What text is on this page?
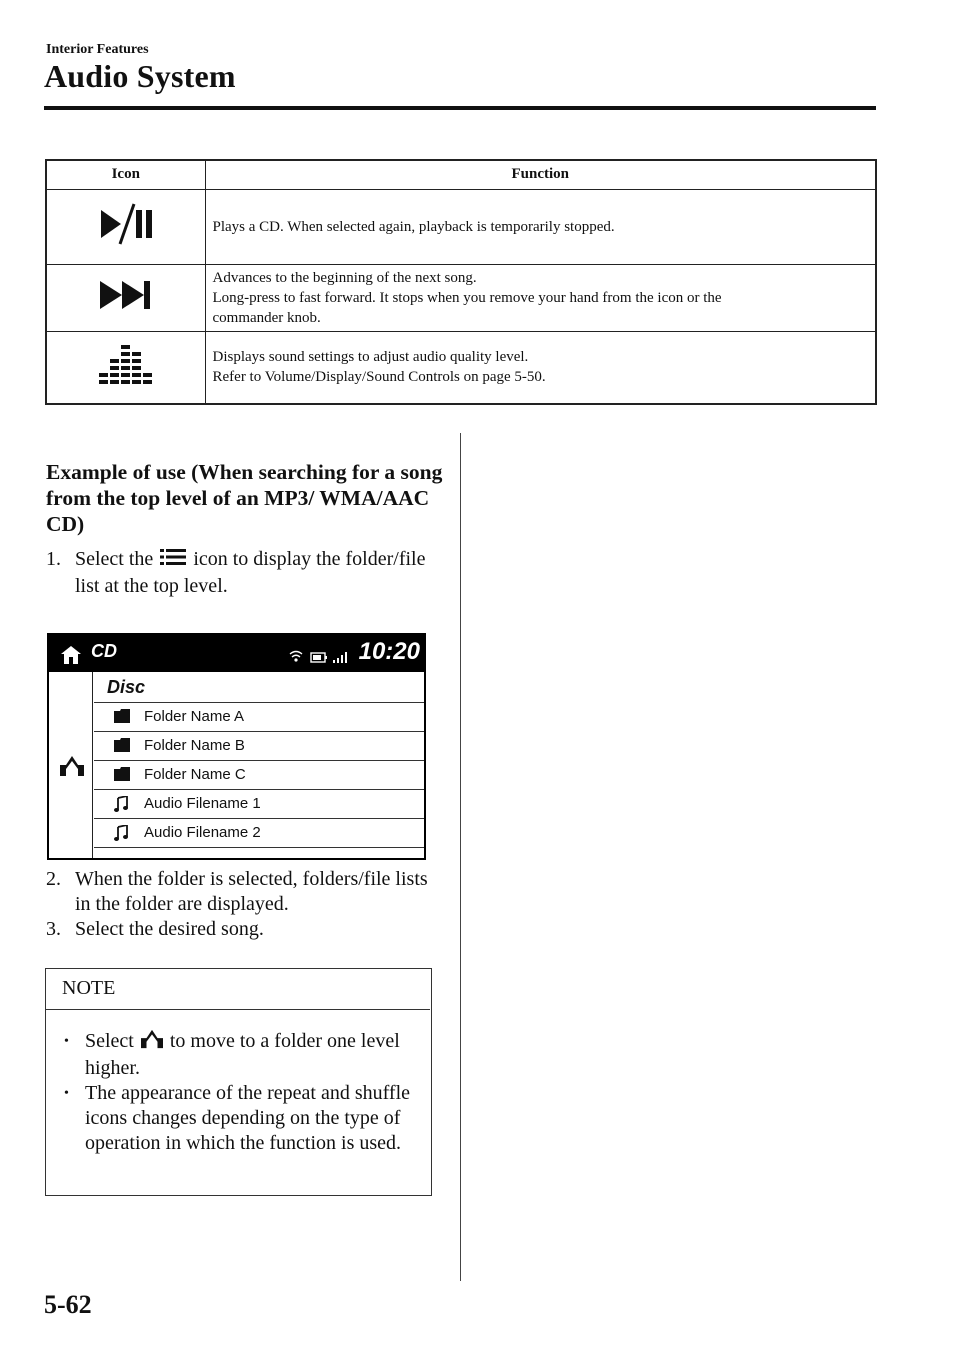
Interior Features
Audio System
Icon	Function

Plays a CD. When selected again, playback is temporarily stopped.

Advances to the beginning of the next song.
Long-press to fast forward. It stops when you remove your hand from the icon or the
commander knob.

Displays sound settings to adjust audio quality level.
Refer to Volume/Display/Sound Controls on page 5-50.
Example of use (When searching for a song from the top level of an MP3/ WMA/AAC CD)
1. Select the icon to display the folder/file list at the top level.
CD	10:20
Disc
Folder Name A
Folder Name B
Folder Name C
Audio Filename 1
Audio Filename 2
2. When the folder is selected, folders/file lists in the folder are displayed.
3. Select the desired song.
NOTE
• Select to move to a folder one level higher.
• The appearance of the repeat and shuffle icons changes depending on the type of operation in which the function is used.
5-62
